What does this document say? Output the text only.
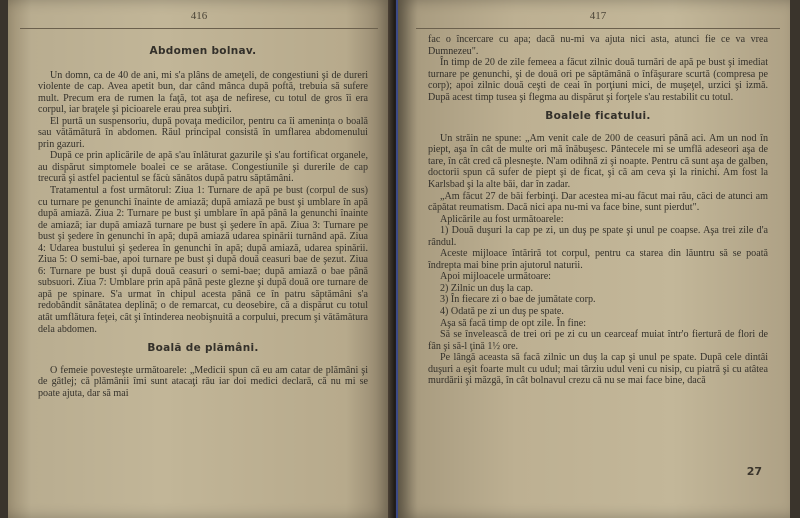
416
Abdomen bolnav.

Un domn, ca de 40 de ani, mi s'a plâns de ameţeli, de congestiuni şi de dureri violente de cap. Avea apetit bun, dar când mânca după poftă, trebuia să sufere mult. Precum era de rumen la faţă, tot aşa de nefirese, cu totul de gros îi era corpul, iar braţele şi picioarele erau prea subţiri.

El purtă un suspensoriu, după povaţa medicilor, pentru ca îi amenința o boală sau vătămătură în abdomen. Răul principal consistă în umflarea abdomenului prin gazuri.

După ce prin aplicările de apă s'au înlăturat gazurile şi s'au fortificat organele, au dispărut simptomele boalei ce se arătase. Congestiunile şi durerile de cap trecură şi astfel pacientul se făcù sănătos după patru săptămâni.

Tratamentul a fost următorul: Ziua 1: Turnare de apă pe bust (corpul de sus) cu turnare pe genunchi înainte de amiază; după amiază pe bust şi umblare în apă după amiază. Ziua 2: Turnare pe bust şi umblare în apă până la genunchi înainte de amiază; iar după amiază turnare pe bust şi şedere în apă. Ziua 3: Turnare pe bust şi şedere în genunchi în apă; după amiază udarea spinării turnând apă. Ziua 4: Udarea bustului şi şederea în genunchi în apă; după amiază, udarea spinării. Ziua 5: O semi-bae, apoi turnare pe bust şi după două ceasuri bae de şezut. Ziua 6: Turnare pe bust şi după două ceasuri o semi-bae; după amiază o bae până subsuori. Ziua 7: Umblare prin apă până peste gleznе şi după două ore turnare de apă pe spinare. S'a urmat în chipul acesta până ce în patru săptămâni s'a redobândit sănătatea deplină; o de remarcat, cu deosebire, că a dispărut cu totul atât umflătura feţei, cât şi întinderea neobişnuită a corpului, precum şi vătămătura dela abdomen.

Boală de plămâni.

O femeie povesteşte următoarele: „Medicii spun că eu am catar de plămâni şi de gâtlej; că plămânii îmi sunt atacaţi rău iar doi medici declară, că nu mi se poate ajuta, dar să mai

417

fac o încercare cu apa; dacă nu-mi va ajuta nici asta, atunci fie ce va vrea Dumnezeu".

În timp de 20 de zile femeea a făcut zilnic două turnări de apă pe bust şi imediat turnare pe genunchi, şi de două ori pe săptămână o înfăşurare scurtă (compresa pe corp); apoi zilnic două ceşti de ceai în porţiuni mici, de muşeţel, urzici şi izmă. După acest timp tusea şi flegma au dispărut şi forţele s'au restabilit cu totul.

Boalele ficatului.

Un străin ne spune: „Am venit cale de 200 de ceasuri până aci. Am un nod în piept, aşa în cât de multe ori mă înăbuşesc. Pântecele mi se umflă adeseori aşa de tare, în cât cred că plesneşte. N'am odihnă zi şi noapte. Pentru că sunt aşa de galben, doctorii spun că sufer de piept şi de ficat, şi că am ceva şi la rinichi. Am fost la Karlsbad şi la alte băi, dar în zadar.

„Am făcut 27 de băi ferbinţi. Dar acestea mi-au făcut mai rău, căci de atunci am căpătat reumatism. Dacă nici apa nu-mi va face bine, sunt pierdut".

Aplicările au fost următoarele:

1) Două duşuri la cap pe zi, un duş pe spate şi unul pe coapse. Aşa trei zile d'a rândul.

Aceste mijloace întăriră tot corpul, pentru ca starea din lăuntru să se poată îndrepta mai bine prin ajutorul naturii.

Apoi mijloacele următoare:

2) Zilnic un duş la cap.

3) În fiecare zi o bae de jumătate corp.

4) Odată pe zi un duş pe spate.

Aşa să facă timp de opt zile. În fine:

Să se învelească de trei ori pe zi cu un cearceaf muiat într'o fiertură de flori de fân şi să-l ţină 1½ ore.

Pe lângă aceasta să facă zilnic un duş la cap şi unul pe spate. După cele dintâi duşuri a eşit foarte mult cu udul; mai târziu udul veni cu nisip, cu piatră şi cu atâtea murdării şi măzgă, în cât bolnavul crezu că nu se mai face bine, dacă

27
